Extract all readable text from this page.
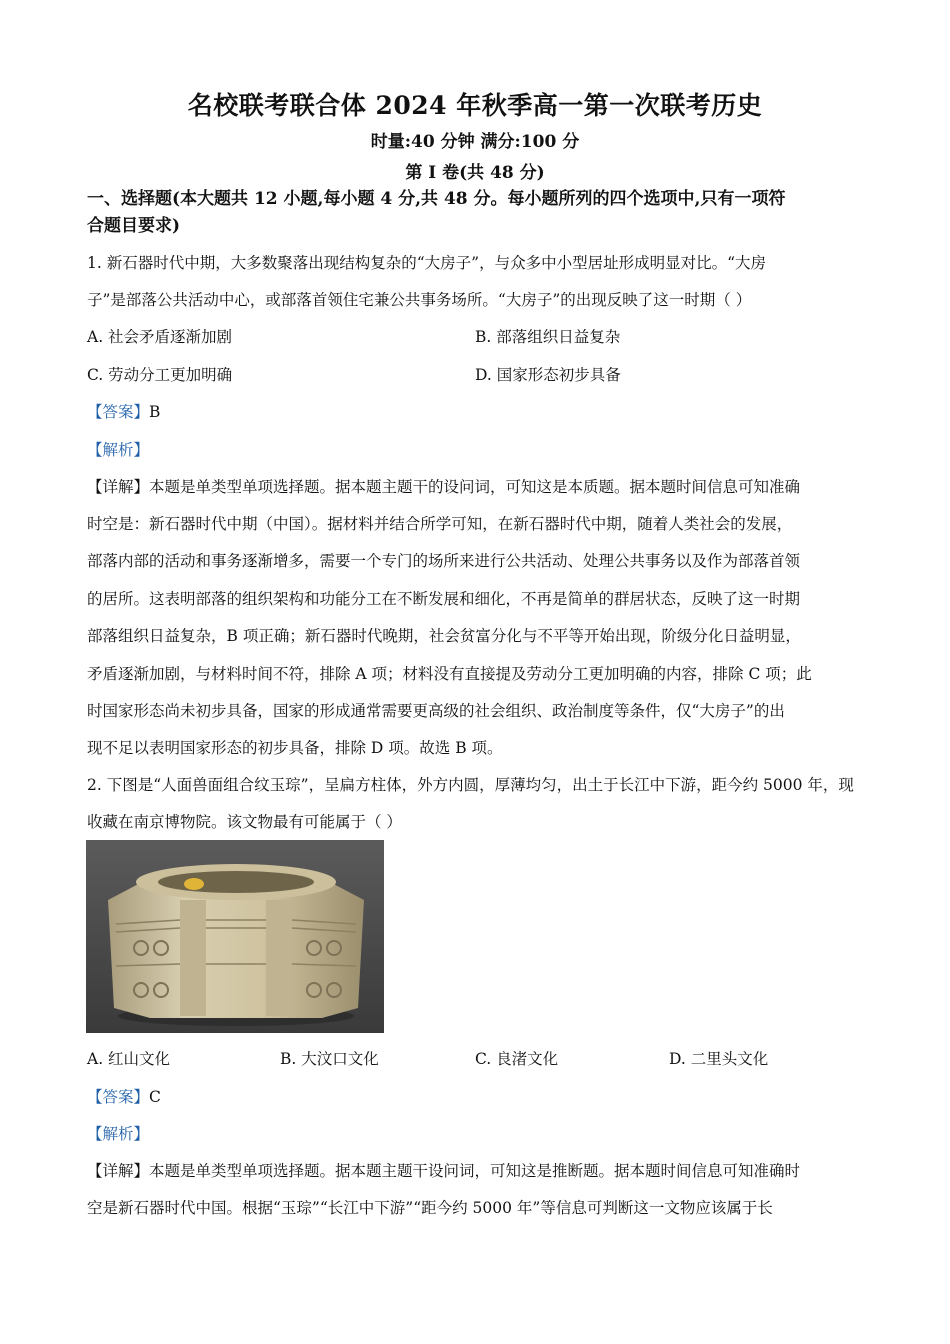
名校联考联合体 2024 年秋季高一第一次联考历史
时量:40 分钟 满分:100 分
第 I 卷(共 48 分)
一、选择题(本大题共 12 小题,每小题 4 分,共 48 分。每小题所列的四个选项中,只有一项符
合题目要求)
1. 新石器时代中期，大多数聚落出现结构复杂的“大房子”，与众多中小型居址形成明显对比。“大房
子”是部落公共活动中心，或部落首领住宅兼公共事务场所。“大房子”的出现反映了这一时期（ ）
A. 社会矛盾逐渐加剧	B. 部落组织日益复杂
C. 劳动分工更加明确	D. 国家形态初步具备
【答案】B
【解析】
【详解】本题是单类型单项选择题。据本题主题干的设问词，可知这是本质题。据本题时间信息可知准确
时空是：新石器时代中期（中国）。据材料并结合所学可知，在新石器时代中期，随着人类社会的发展，
部落内部的活动和事务逐渐增多，需要一个专门的场所来进行公共活动、处理公共事务以及作为部落首领
的居所。这表明部落的组织架构和功能分工在不断发展和细化，不再是简单的群居状态，反映了这一时期
部落组织日益复杂，B 项正确；新石器时代晚期，社会贫富分化与不平等开始出现，阶级分化日益明显，
矛盾逐渐加剧，与材料时间不符，排除 A 项；材料没有直接提及劳动分工更加明确的内容，排除 C 项；此
时国家形态尚未初步具备，国家的形成通常需要更高级的社会组织、政治制度等条件，仅“大房子”的出
现不足以表明国家形态的初步具备，排除 D 项。故选 B 项。
2. 下图是“人面兽面组合纹玉琮”，呈扁方柱体，外方内圆，厚薄均匀，出土于长江中下游，距今约 5000 年，现
收藏在南京博物院。该文物最有可能属于（ ）
A. 红山文化	B. 大汶口文化	C. 良渚文化	D. 二里头文化
【答案】C
【解析】
【详解】本题是单类型单项选择题。据本题主题干设问词，可知这是推断题。据本题时间信息可知准确时
空是新石器时代中国。根据“玉琮”“长江中下游”“距今约 5000 年”等信息可判断这一文物应该属于长
